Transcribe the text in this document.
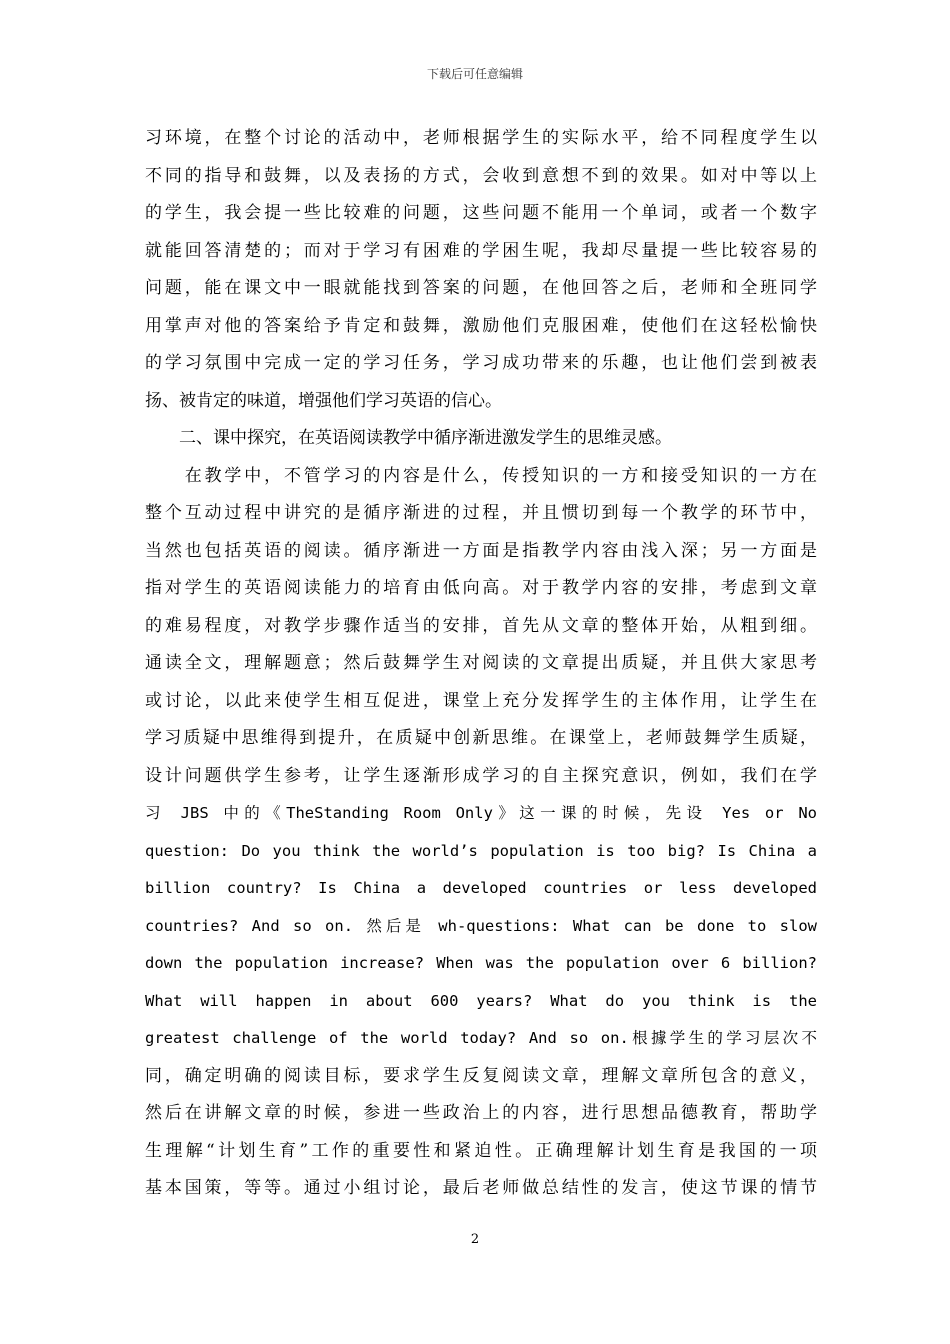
下载后可任意编辑
习环境，在整个讨论的活动中，老师根据学生的实际水平，给不同程度学生以
不同的指导和鼓舞，以及表扬的方式，会收到意想不到的效果。如对中等以上
的学生，我会提一些比较难的问题，这些问题不能用一个单词，或者一个数字
就能回答清楚的；而对于学习有困难的学困生呢，我却尽量提一些比较容易的
问题，能在课文中一眼就能找到答案的问题，在他回答之后，老师和全班同学
用掌声对他的答案给予肯定和鼓舞，激励他们克服困难，使他们在这轻松愉快
的学习氛围中完成一定的学习任务，学习成功带来的乐趣，也让他们尝到被表
扬、被肯定的味道，增强他们学习英语的信心。
　　二、课中探究，在英语阅读教学中循序渐进激发学生的思维灵感。
　　在教学中，不管学习的内容是什么，传授知识的一方和接受知识的一方在
整个互动过程中讲究的是循序渐进的过程，并且惯切到每一个教学的环节中，
当然也包括英语的阅读。循序渐进一方面是指教学内容由浅入深；另一方面是
指对学生的英语阅读能力的培育由低向高。对于教学内容的安排，考虑到文章
的难易程度，对教学步骤作适当的安排，首先从文章的整体开始，从粗到细。
通读全文，理解题意；然后鼓舞学生对阅读的文章提出质疑，并且供大家思考
或讨论，以此来使学生相互促进，课堂上充分发挥学生的主体作用，让学生在
学习质疑中思维得到提升，在质疑中创新思维。在课堂上，老师鼓舞学生质疑，
设计问题供学生参考，让学生逐渐形成学习的自主探究意识，例如，我们在学
习 JBS 中的《TheStanding Room Only》这一课的时候，先设 Yes or No
question: Do you think the world’s population is too big? Is China a
billion country? Is China a developed countries or less developed
countries? And so on. 然后是 wh-questions: What can be done to slow
down the population increase? When was the population over 6 billion?
What will happen in about 600 years? What do you think is the
greatest challenge of the world today? And so on.根據学生的学习层次不
同，确定明确的阅读目标，要求学生反复阅读文章，理解文章所包含的意义，
然后在讲解文章的时候，参进一些政治上的内容，进行思想品德教育，帮助学
生理解“计划生育”工作的重要性和紧迫性。正确理解计划生育是我国的一项
基本国策，等等。通过小组讨论，最后老师做总结性的发言，使这节课的情节
2
